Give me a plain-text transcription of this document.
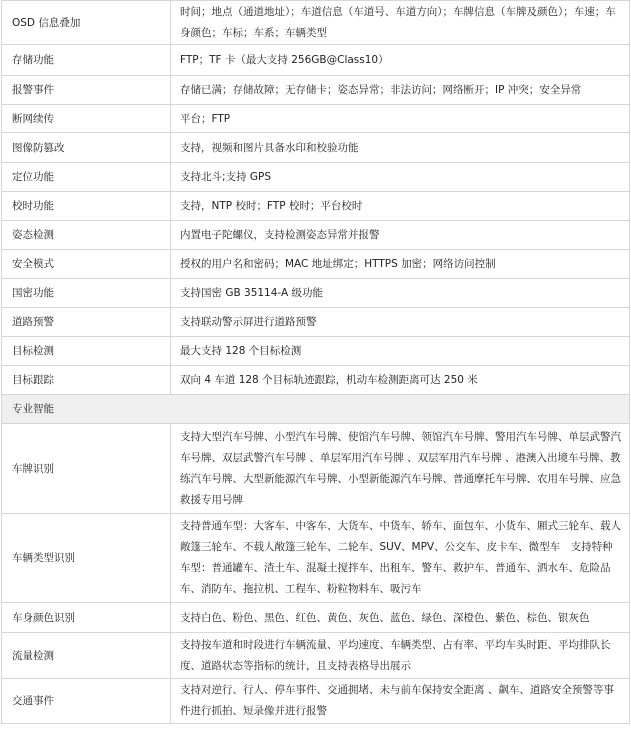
OSD 信息叠加	时间；地点（通道地址）；车道信息（车道号、车道方向）；车牌信息（车牌及颜色）；车速；车身颜色；车标；车系；车辆类型
存储功能	FTP；TF 卡（最大支持 256GB@Class10）
报警事件	存储已满；存储故障；无存储卡；姿态异常；非法访问；网络断开；IP 冲突；安全异常
断网续传	平台；FTP
图像防篡改	支持，视频和图片具备水印和校验功能
定位功能	支持北斗;支持 GPS
校时功能	支持，NTP 校时；FTP 校时；平台校时
姿态检测	内置电子陀螺仪，支持检测姿态异常并报警
安全模式	授权的用户名和密码；MAC 地址绑定；HTTPS 加密；网络访问控制
国密功能	支持国密 GB 35114-A 级功能
道路预警	支持联动警示屏进行道路预警
目标检测	最大支持 128 个目标检测
目标跟踪	双向 4 车道 128 个目标轨迹跟踪，机动车检测距离可达 250 米
专业智能	
车牌识别	支持大型汽车号牌、小型汽车号牌、使馆汽车号牌、领馆汽车号牌、警用汽车号牌、单层武警汽车号牌、双层武警汽车号牌 、单层军用汽车号牌 、双层军用汽车号牌 、港澳入出境车号牌、教练汽车号牌、大型新能源汽车号牌、小型新能源汽车号牌、普通摩托车号牌、农用车号牌、应急救援专用号牌
车辆类型识别	支持普通车型：大客车、中客车、大货车、中货车、轿车、面包车、小货车、厢式三轮车、载人敞篷三轮车、不载人敞篷三轮车、二轮车、SUV、MPV、公交车、皮卡车、微型车　支持特种车型：普通罐车、渣土车、混凝土搅拌车、出租车、警车、救护车、普通车、洒水车、危险品车、消防车、拖拉机、工程车、粉粒物料车、吸污车
车身颜色识别	支持白色、粉色、黑色、红色、黄色、灰色、蓝色、绿色、深橙色、紫色、棕色、银灰色
流量检测	支持按车道和时段进行车辆流量、平均速度、车辆类型、占有率、平均车头时距、平均排队长度、道路状态等指标的统计，且支持表格导出展示
交通事件	支持对逆行、行人、停车事件、交通拥堵、未与前车保持安全距离 、飙车、道路安全预警等事件进行抓拍、短录像并进行报警
